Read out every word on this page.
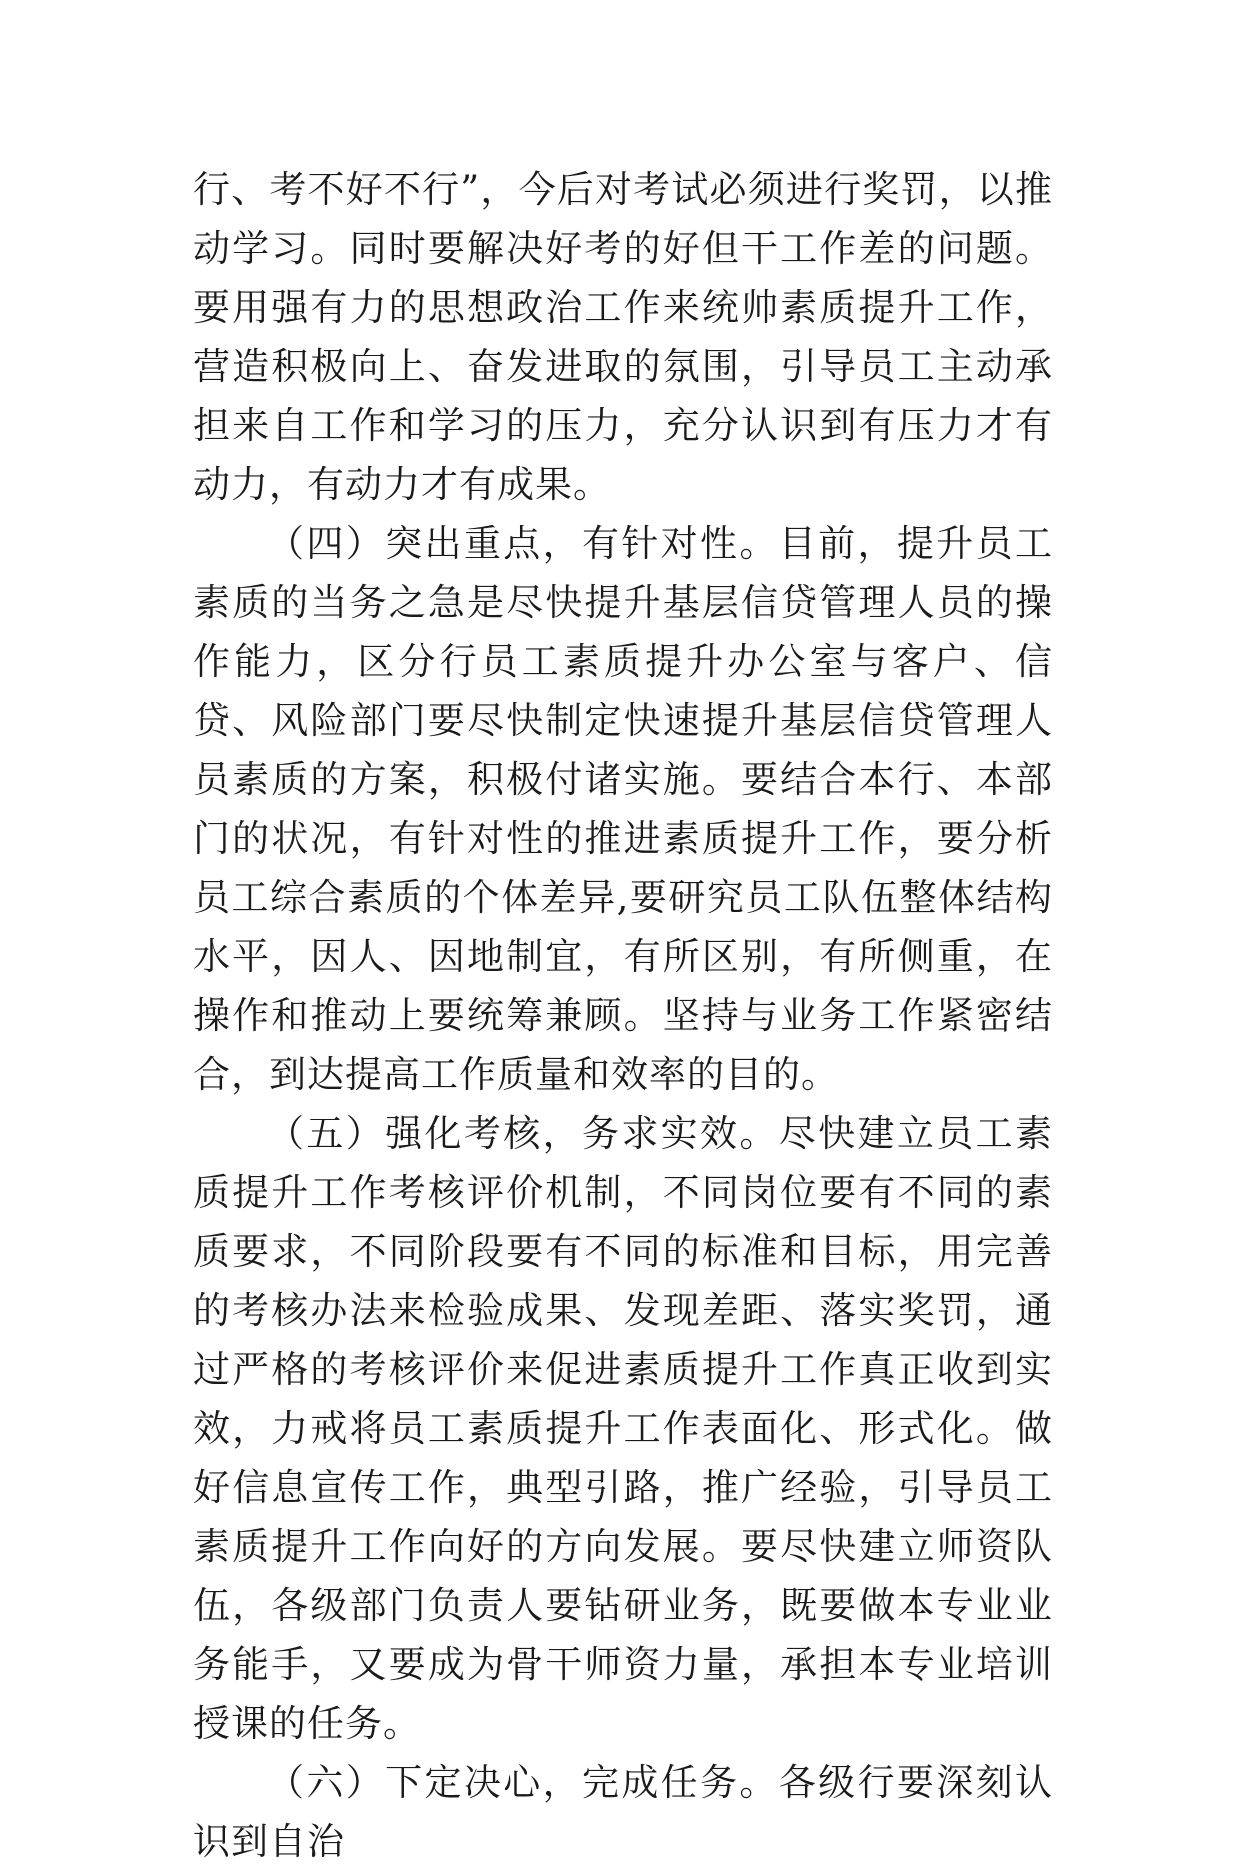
行、考不好不行”，今后对考试必须进行奖罚，以推动学习。同时要解决好考的好但干工作差的问题。要用强有力的思想政治工作来统帅素质提升工作，营造积极向上、奋发进取的氛围，引导员工主动承担来自工作和学习的压力，充分认识到有压力才有动力，有动力才有成果。

（四）突出重点，有针对性。目前，提升员工素质的当务之急是尽快提升基层信贷管理人员的操作能力，区分行员工素质提升办公室与客户、信贷、风险部门要尽快制定快速提升基层信贷管理人员素质的方案，积极付诸实施。要结合本行、本部门的状况，有针对性的推进素质提升工作，要分析员工综合素质的个体差异,要研究员工队伍整体结构水平，因人、因地制宜，有所区别，有所侧重，在操作和推动上要统筹兼顾。坚持与业务工作紧密结合，到达提高工作质量和效率的目的。

（五）强化考核，务求实效。尽快建立员工素质提升工作考核评价机制，不同岗位要有不同的素质要求，不同阶段要有不同的标准和目标，用完善的考核办法来检验成果、发现差距、落实奖罚，通过严格的考核评价来促进素质提升工作真正收到实效，力戒将员工素质提升工作表面化、形式化。做好信息宣传工作，典型引路，推广经验，引导员工素质提升工作向好的方向发展。要尽快建立师资队伍，各级部门负责人要钻研业务，既要做本专业业务能手，又要成为骨干师资力量，承担本专业培训授课的任务。

（六）下定决心，完成任务。各级行要深刻认识到自治
